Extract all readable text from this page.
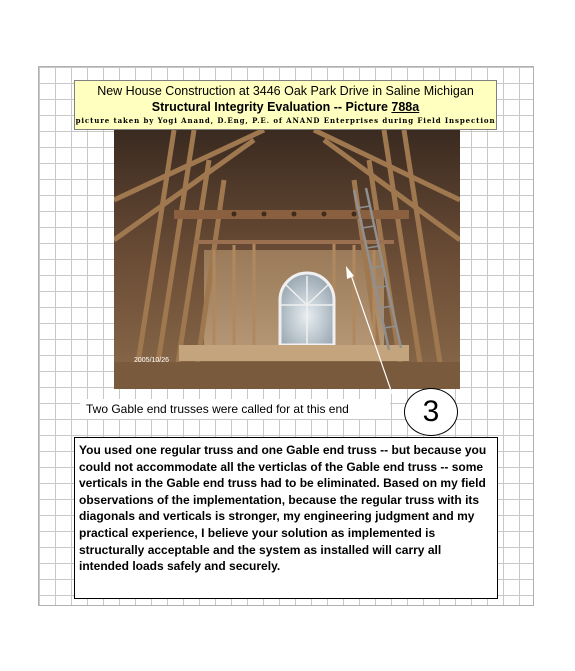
New House Construction at 3446 Oak Park Drive in Saline Michigan
Structural Integrity Evaluation -- Picture 788a
picture taken by Yogi Anand, D.Eng, P.E. of ANAND Enterprises during Field Inspection
2005/10/26
Two Gable end trusses were called for at this end	3
You used one regular truss and one Gable end truss -- but because you could not accommodate all the verticlas of the Gable end truss -- some verticals in the Gable end truss had to be eliminated. Based on my field observations of the implementation, because the regular truss with its diagonals and verticals is stronger, my engineering judgment and my practical experience, I believe your solution as implemented is structurally acceptable and the system as installed will carry all intended loads safely and securely.
